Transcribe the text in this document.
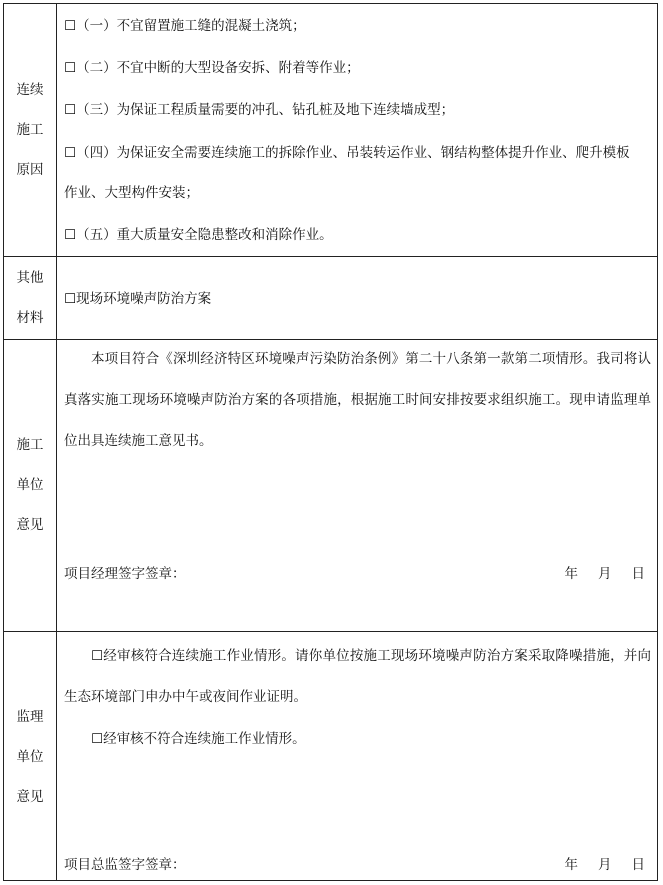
连续
施工
原因
☐（一）不宜留置施工缝的混凝土浇筑；
☐（二）不宜中断的大型设备安拆、附着等作业；
☐（三）为保证工程质量需要的冲孔、钻孔桩及地下连续墙成型；
☐（四）为保证安全需要连续施工的拆除作业、吊装转运作业、钢结构整体提升作业、爬升模板
作业、大型构件安装；
☐（五）重大质量安全隐患整改和消除作业。
其他
材料
☐现场环境噪声防治方案
施工
单位
意见
本项目符合《深圳经济特区环境噪声污染防治条例》第二十八条第一款第二项情形。我司将认真落实施工现场环境噪声防治方案的各项措施，根据施工时间安排按要求组织施工。现申请监理单位出具连续施工意见书。
项目经理签字签章：	年 月 日
监理
单位
意见
☐经审核符合连续施工作业情形。请你单位按施工现场环境噪声防治方案采取降噪措施，并向生态环境部门申办中午或夜间作业证明。
☐经审核不符合连续施工作业情形。
项目总监签字签章：	年 月 日
